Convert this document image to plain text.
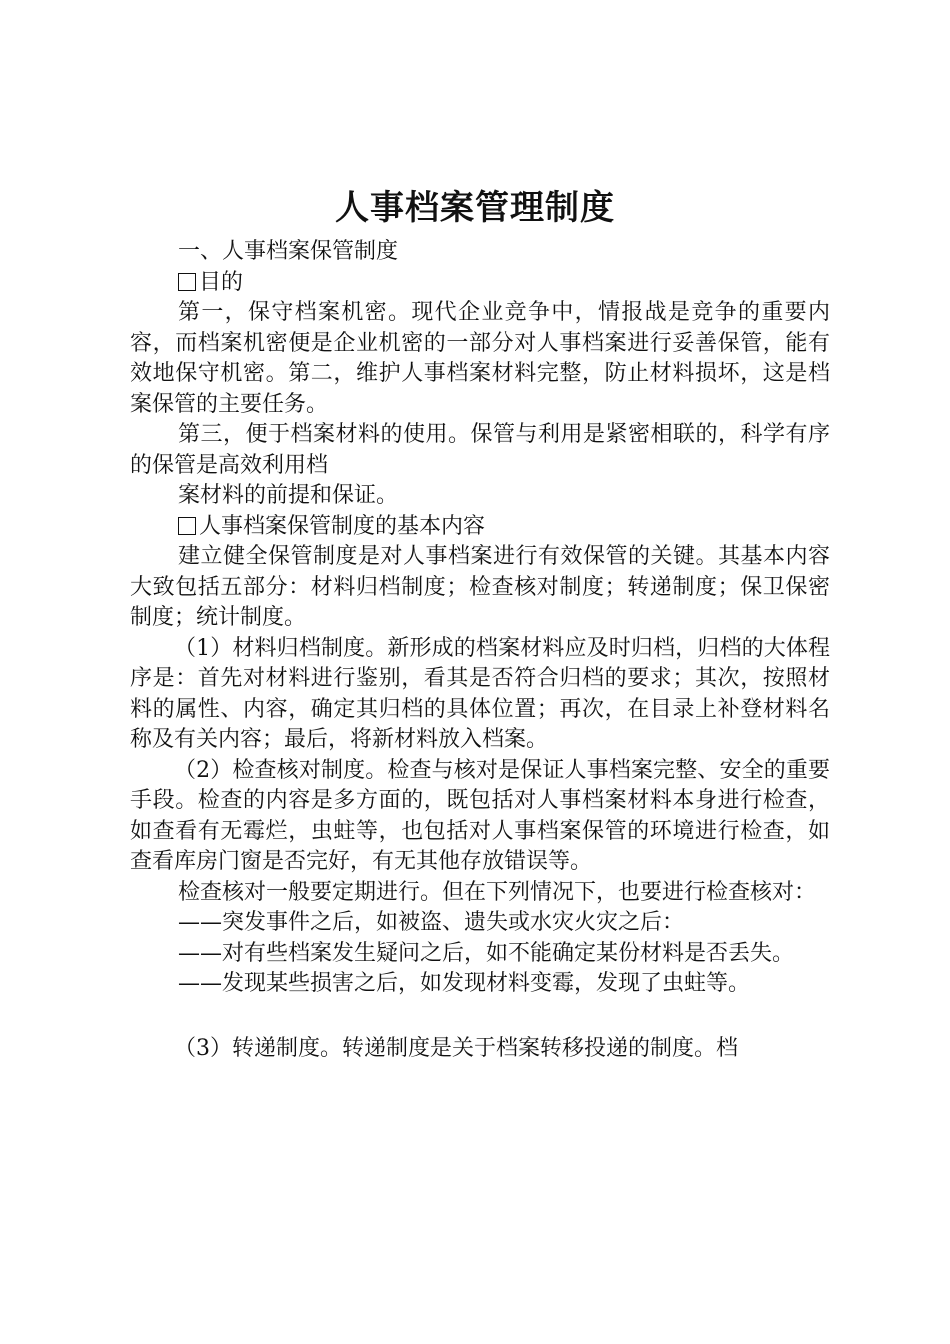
人事档案管理制度

一、人事档案保管制度

目的

第一，保守档案机密。现代企业竞争中，情报战是竞争的重要内容，而档案机密便是企业机密的一部分对人事档案进行妥善保管，能有效地保守机密。第二，维护人事档案材料完整，防止材料损坏，这是档案保管的主要任务。

第三，便于档案材料的使用。保管与利用是紧密相联的，科学有序的保管是高效利用档

案材料的前提和保证。

人事档案保管制度的基本内容

建立健全保管制度是对人事档案进行有效保管的关键。其基本内容大致包括五部分：材料归档制度；检查核对制度；转递制度；保卫保密制度；统计制度。

（1）材料归档制度。新形成的档案材料应及时归档，归档的大体程序是：首先对材料进行鉴别，看其是否符合归档的要求；其次，按照材料的属性、内容，确定其归档的具体位置；再次，在目录上补登材料名称及有关内容；最后，将新材料放入档案。

（2）检查核对制度。检查与核对是保证人事档案完整、安全的重要手段。检查的内容是多方面的，既包括对人事档案材料本身进行检查，如查看有无霉烂，虫蛀等，也包括对人事档案保管的环境进行检查，如查看库房门窗是否完好，有无其他存放错误等。

检查核对一般要定期进行。但在下列情况下，也要进行检查核对：

——突发事件之后，如被盗、遗失或水灾火灾之后：

——对有些档案发生疑问之后，如不能确定某份材料是否丢失。

——发现某些损害之后，如发现材料变霉，发现了虫蛀等。

（3）转递制度。转递制度是关于档案转移投递的制度。档
